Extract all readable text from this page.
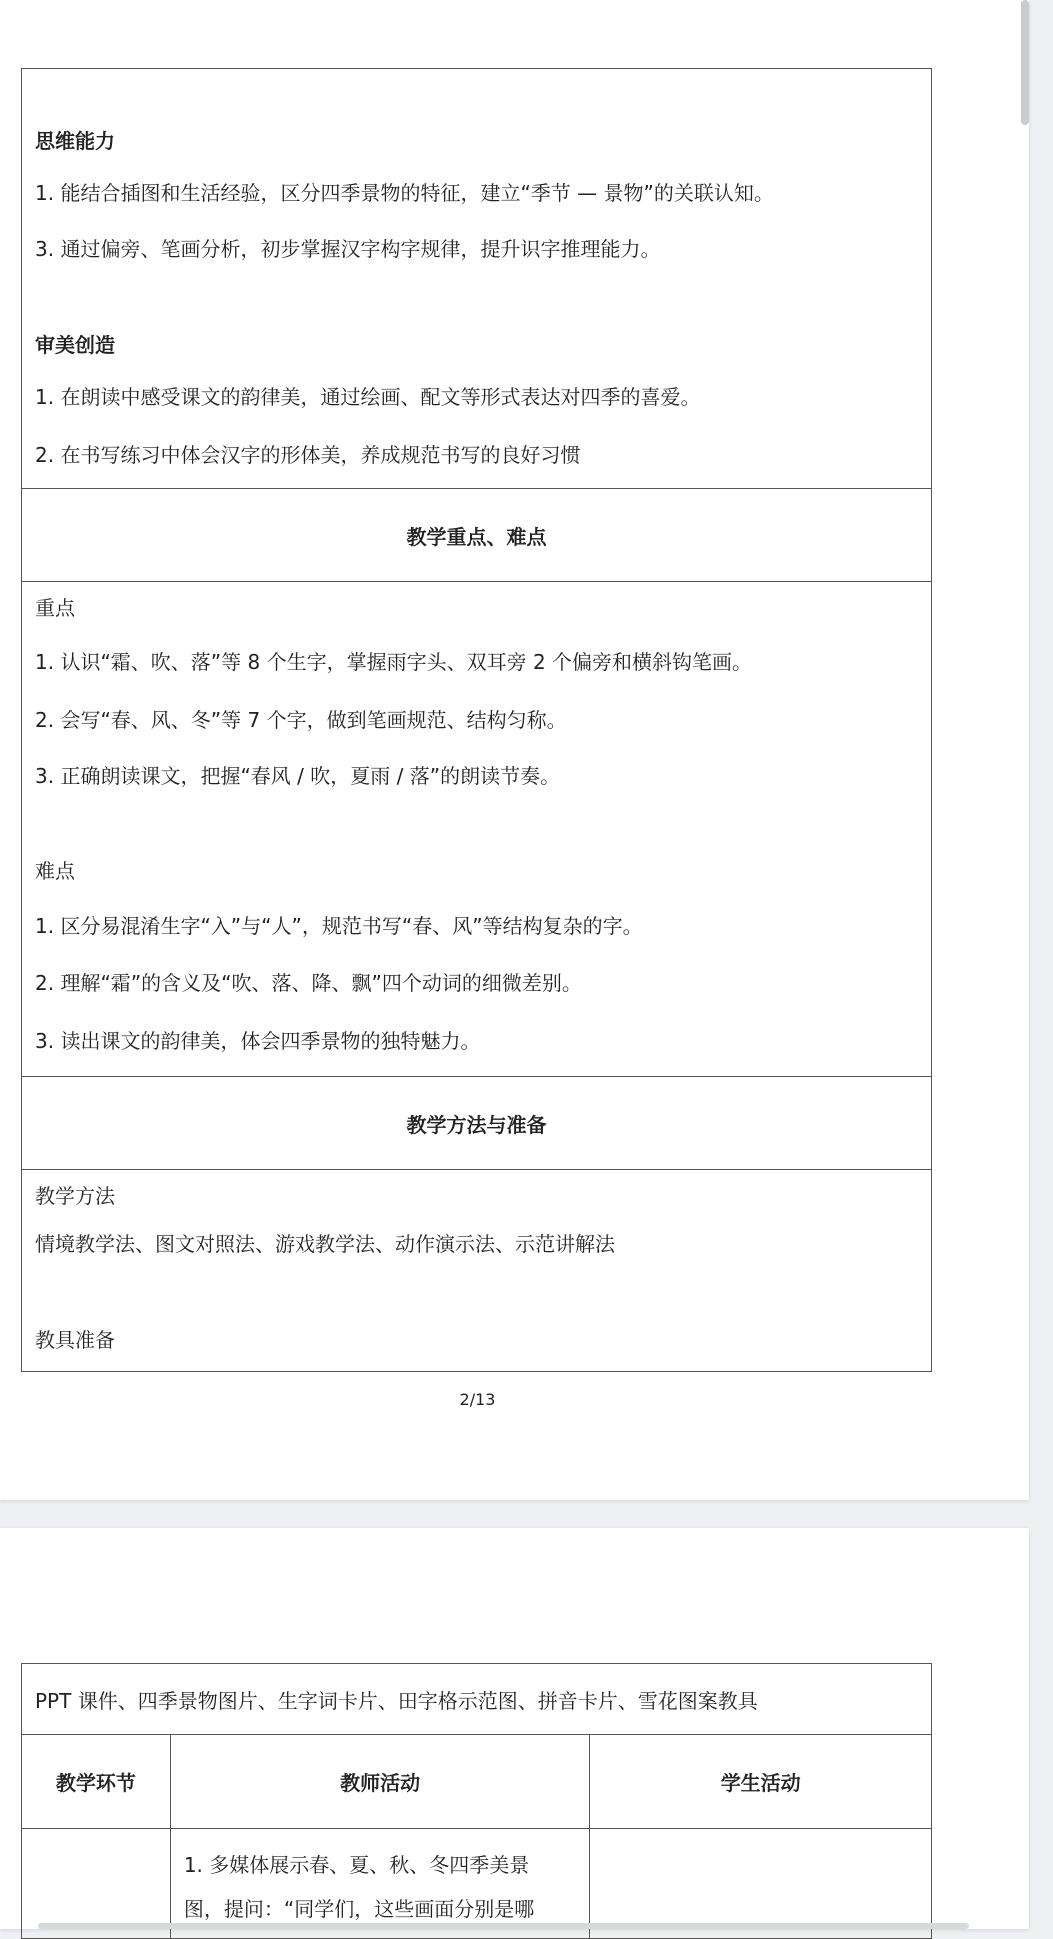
思维能力
1. 能结合插图和生活经验，区分四季景物的特征，建立“季节 — 景物”的关联认知。
3. 通过偏旁、笔画分析，初步掌握汉字构字规律，提升识字推理能力。
审美创造
1. 在朗读中感受课文的韵律美，通过绘画、配文等形式表达对四季的喜爱。
2. 在书写练习中体会汉字的形体美，养成规范书写的良好习惯
教学重点、难点
重点
1. 认识“霜、吹、落”等 8 个生字，掌握雨字头、双耳旁 2 个偏旁和横斜钩笔画。
2. 会写“春、风、冬”等 7 个字，做到笔画规范、结构匀称。
3. 正确朗读课文，把握“春风 / 吹，夏雨 / 落”的朗读节奏。
难点
1. 区分易混淆生字“入”与“人”，规范书写“春、风”等结构复杂的字。
2. 理解“霜”的含义及“吹、落、降、飘”四个动词的细微差别。
3. 读出课文的韵律美，体会四季景物的独特魅力。
教学方法与准备
教学方法
情境教学法、图文对照法、游戏教学法、动作演示法、示范讲解法
教具准备
2/13
PPT 课件、四季景物图片、生字词卡片、田字格示范图、拼音卡片、雪花图案教具		
教学环节	教师活动	学生活动

	1. 多媒体展示春、夏、秋、冬四季美景
图，提问：“同学们，这些画面分别是哪	
